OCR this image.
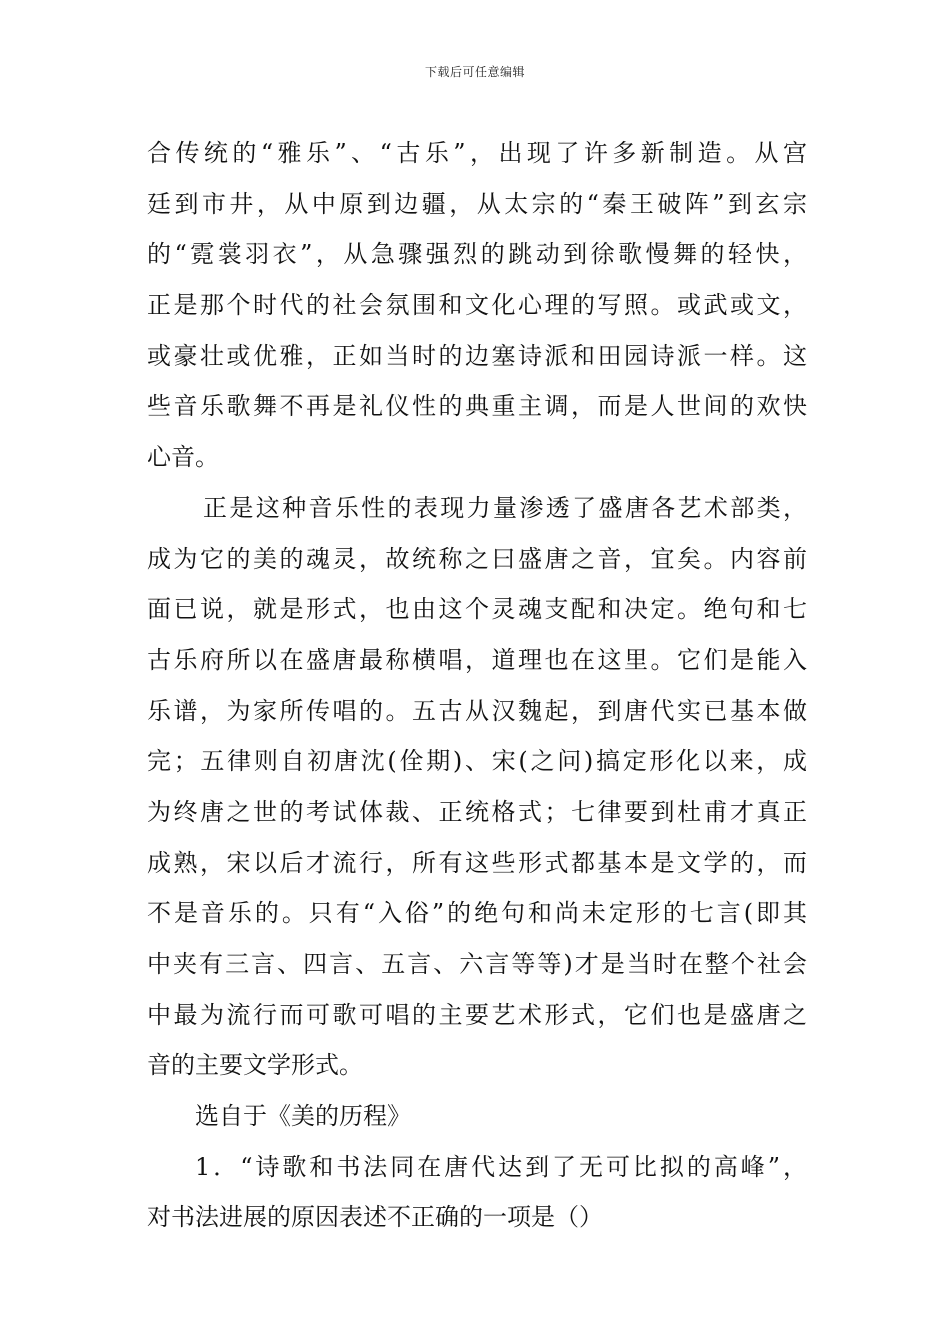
下载后可任意编辑
合传统的“雅乐”、“古乐”，出现了许多新制造。从宫
廷到市井，从中原到边疆，从太宗的“秦王破阵”到玄宗
的“霓裳羽衣”，从急骤强烈的跳动到徐歌慢舞的轻快，
正是那个时代的社会氛围和文化心理的写照。或武或文，
或豪壮或优雅，正如当时的边塞诗派和田园诗派一样。这
些音乐歌舞不再是礼仪性的典重主调，而是人世间的欢快
心音。
正是这种音乐性的表现力量渗透了盛唐各艺术部类，
成为它的美的魂灵，故统称之曰盛唐之音，宜矣。内容前
面已说，就是形式，也由这个灵魂支配和决定。绝句和七
古乐府所以在盛唐最称横唱，道理也在这里。它们是能入
乐谱，为家所传唱的。五古从汉魏起，到唐代实已基本做
完；五律则自初唐沈(佺期)、宋(之问)搞定形化以来，成
为终唐之世的考试体裁、正统格式；七律要到杜甫才真正
成熟，宋以后才流行，所有这些形式都基本是文学的，而
不是音乐的。只有“入俗”的绝句和尚未定形的七言(即其
中夹有三言、四言、五言、六言等等)才是当时在整个社会
中最为流行而可歌可唱的主要艺术形式，它们也是盛唐之
音的主要文学形式。
选自于《美的历程》
1．“诗歌和书法同在唐代达到了无可比拟的高峰”，
对书法进展的原因表述不正确的一项是（）
